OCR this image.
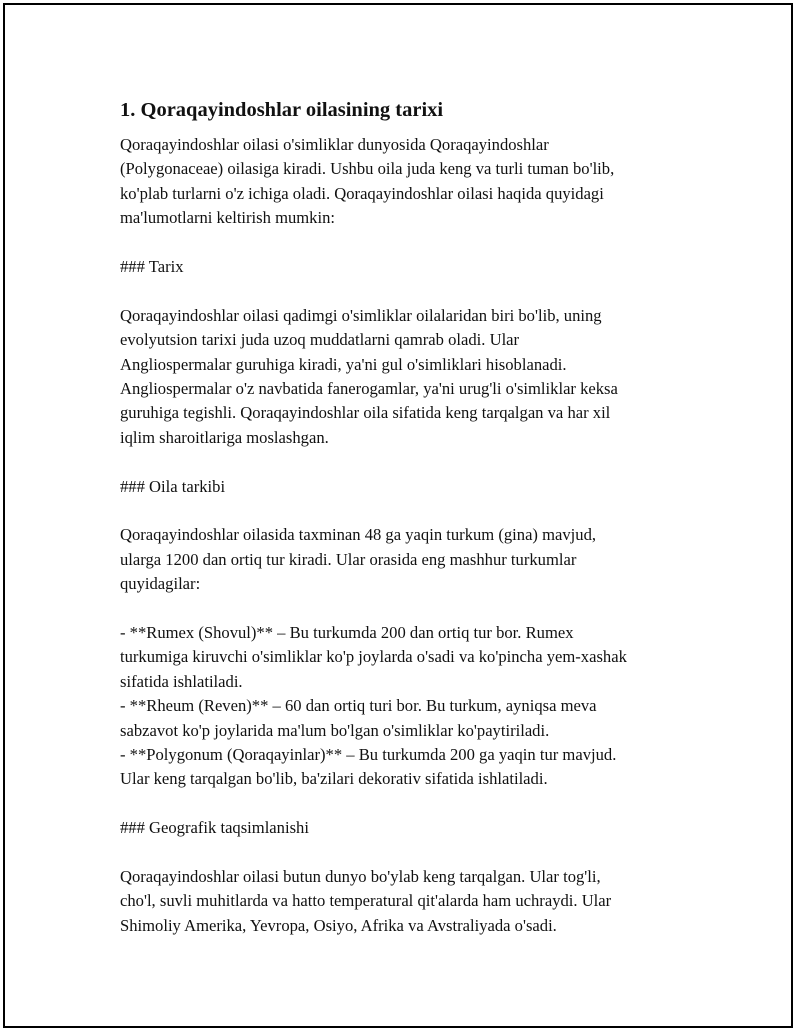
1. Qoraqayindoshlar oilasining tarixi

Qoraqayindoshlar oilasi o'simliklar dunyosida Qoraqayindoshlar
(Polygonaceae) oilasiga kiradi. Ushbu oila juda keng va turli tuman bo'lib,
ko'plab turlarni o'z ichiga oladi. Qoraqayindoshlar oilasi haqida quyidagi
ma'lumotlarni keltirish mumkin:

### Tarix

Qoraqayindoshlar oilasi qadimgi o'simliklar oilalaridan biri bo'lib, uning
evolyutsion tarixi juda uzoq muddatlarni qamrab oladi. Ular
Angliospermalar guruhiga kiradi, ya'ni gul o'simliklari hisoblanadi.
Angliospermalar o'z navbatida fanerogamlar, ya'ni urug'li o'simliklar keksa
guruhiga tegishli. Qoraqayindoshlar oila sifatida keng tarqalgan va har xil
iqlim sharoitlariga moslashgan.

### Oila tarkibi

Qoraqayindoshlar oilasida taxminan 48 ga yaqin turkum (gina) mavjud,
ularga 1200 dan ortiq tur kiradi. Ular orasida eng mashhur turkumlar
quyidagilar:

- **Rumex (Shovul)** – Bu turkumda 200 dan ortiq tur bor. Rumex
turkumiga kiruvchi o'simliklar ko'p joylarda o'sadi va ko'pincha yem-xashak
sifatida ishlatiladi.
- **Rheum (Reven)** – 60 dan ortiq turi bor. Bu turkum, ayniqsa meva
sabzavot ko'p joylarida ma'lum bo'lgan o'simliklar ko'paytiriladi.
- **Polygonum (Qoraqayinlar)** – Bu turkumda 200 ga yaqin tur mavjud.
Ular keng tarqalgan bo'lib, ba'zilari dekorativ sifatida ishlatiladi.

### Geografik taqsimlanishi

Qoraqayindoshlar oilasi butun dunyo bo'ylab keng tarqalgan. Ular tog'li,
cho'l, suvli muhitlarda va hatto temperatural qit'alarda ham uchraydi. Ular
Shimoliy Amerika, Yevropa, Osiyo, Afrika va Avstraliyada o'sadi.
